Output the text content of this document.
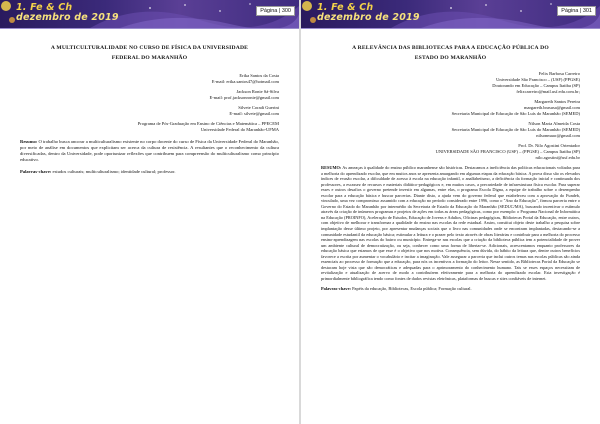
1. Fe & Ch
dezembro de 2019
Página | 300
A MULTICULTURALIDADE NO CURSO DE FÍSICA DA UNIVERSIDADE
FEDERAL DO MARANHÃO
Erika Santos da Costa
E-mail: erika.santos47@hotmail.com
Jackson Ronie Sá-Silva
E-mail: prof.jacksonronie@gmail.com
Silvete Coradi Guerini
E-mail: silvete@gmail.com
Programa de Pós-Graduação em Ensino de Ciências e Matemática – PPECEM
Universidade Federal do Maranhão-UFMA
Resumo: O trabalho busca ancorar a multiculturalismo existente no corpo docente do curso de Física da Universidade Federal do Maranhão, por meio de análise em documentos que explicitam ser acerca da cultura de resistência. A resultantes que o reconhecimento da cultura diversificadas, dentro da Universidade, pode oportunizar reflexões que contribuem para compreensão do multiculturalismo como princípio educativo.
Palavras-chave: estudos culturais; multiculturalismo; identidade cultural; professor.
1. Fe & Ch
dezembro de 2019
Página | 301
A RELEVÂNCIA DAS BIBLIOTECAS PARA A EDUCAÇÃO PÚBLICA DO
ESTADO DO MARANHÃO
Felix Barbosa Carreiro
Universidade São Francisco – (USF) (PPGSE)
Doutorando em Educação – Campus Itatiba (SP)
felixcarreiro@mail.usf.edu.com.br;
Margareth Santos Pereira
margareth.brasusa@gmail.com
Secretaria Municipal de Educação de São Luís do Maranhão (SEMED)
Nilson Maria Almeida Costa
Secretaria Municipal de Educação de São Luís do Maranhão (SEMED)
nilsonmaac@gmail.com
Prof. Dr. Nilo Agostini Orientador
UNIVERSIDADE SÃO FRANCISCO (USF) – (PPGSE) – Campus Itatiba (SP)
nilo.agostini@usf.edu.br
RESUMO: As ameaças à qualidade do ensino público maranhense são históricas. Destacamos a ineficiência das políticas educacionais voltadas para a melhoria do aprendizado escolar, que em muitos anos se apresenta amargando em algumas etapas da educação básica. A prova disso são os elevados índices de evasão escolar, a dificuldade de acesso à escola na educação infantil, o analfabetismo, a deficiência da formação inicial e continuada dos professores, a escassez de recursos e materiais didático-pedagógicos e, em muitos casos, a precariedade de infraestrutura física escolar. Para superar esses e outros desafios o governo pretende investir em algumas, entre elas, o programa Escola Digna, a equipe de trabalho sobre o desempenho escolar para a educação básica e buscar parcerias. Diante disto, a ajuda vem do governo federal que estabeleceu com a aprovação do Fundeb, vinculado, uma vez compromisso assumido com a educação no período considerado entre 1996, como o "Ano da Educação", firmou parceria entre o Governo do Estado do Maranhão por intermédio da Secretaria de Estado da Educação do Maranhão (SEDUC/MA), buscando incentivar o estímulo através da criação de inúmeros programas e projetos de ações em todas as áreas pedagógicas, como por exemplo: o Programa Nacional de Informática na Educação (PROINFO), Aceleração de Estudos, Educação de Jovens e Adultos, Oficinas pedagógicas, Bibliotecas Portal da Educação, entre outros, com objetivo de melhorar e transformar a qualidade do ensino nas escolas da rede estadual. Assim, constitui objeto deste trabalho a pesquisa sobre implantação desse último projeto, por apresentar mudanças sociais que o livro nas comunidades onde se encontram implantadas, destacando-se a comunidade estudantil da educação básica; estimular a leitura e o prazer pelo texto através de obras literárias e contribuir para a melhoria do processo ensino-aprendizagem nas escolas do bairro ou município. Entrega-se nas escolas que a criação da biblioteca pública tem a potencialidade de prover um ambiente cultural de democratização, ou seja, conhecer como uma forma de libertar-se. Adicionais, acrescentamos enquanto professores da educação básica que estamos de que esse é o objetivo que nos motiva. Consequência, sem dúvida, do hábito da leitura que, dentre outros benefícios favorece a escrita por aumentar o vocabulário e incitar a imaginação. Vale assegurar a parceria que inclui outros temas nas escolas públicas são ainda essenciais ao processo de formação que a educação, para nós os incentivos a formação do leitor. Nesse sentido, as Bibliotecas Portal da Educação se destacam hoje vista que são democráticas e adequadas para o aprimoramento do conhecimento humano. Tais se esses espaços necessitam de revitalização e atualização de acervo de modo a contribuírem efetivamente para a melhoria do aprendizado escolar. Esta investigação é primordialmente bibliográfica tendo como fontes de dados revistas eletrônicas, plataformas de buscas e sites confiáveis de internet.
Palavras-chave: Papéis da educação, Bibliotecas, Escola pública; Formação cultural.
